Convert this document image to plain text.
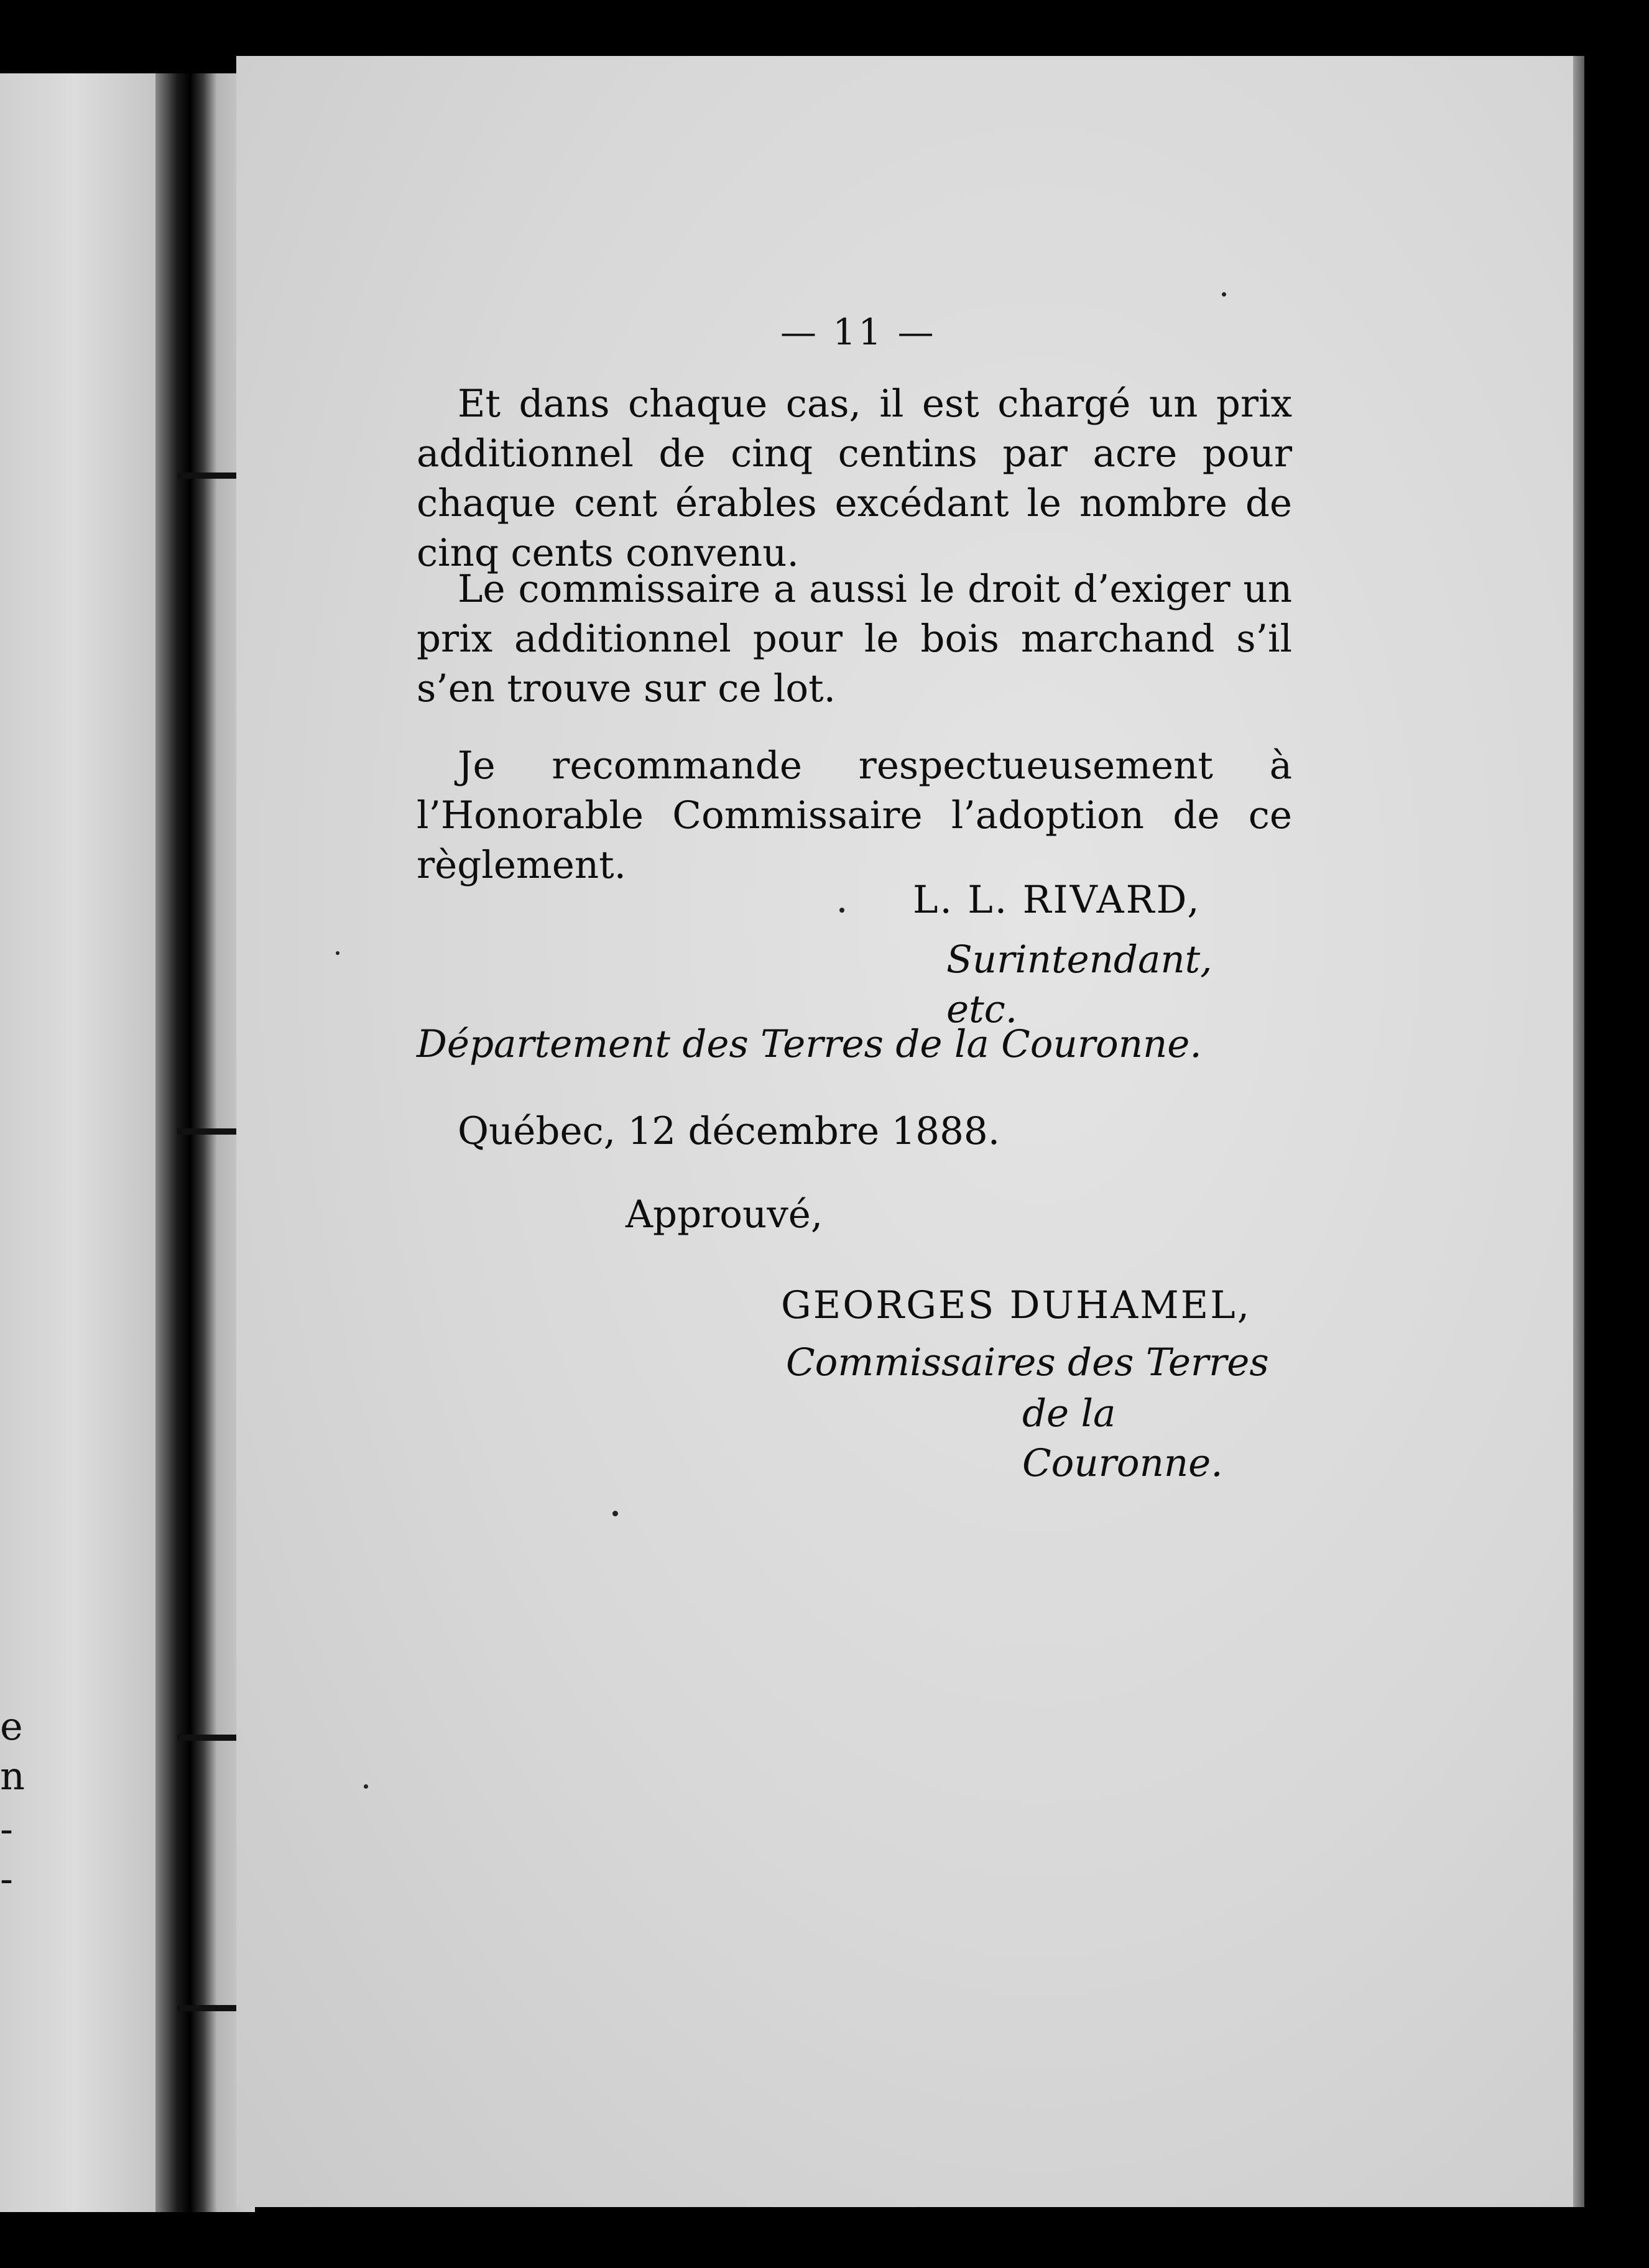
e
n
-
-
— 11 —

Et dans chaque cas, il est chargé un prix additionnel de cinq centins par acre pour chaque cent érables excédant le nombre de cinq cents convenu.

Le commissaire a aussi le droit d’exiger un prix additionnel pour le bois marchand s’il s’en trouve sur ce lot.

Je recommande respectueusement à l’Honorable Commissaire l’adoption de ce règlement.

L. L. RIVARD,
Surintendant, etc.
Département des Terres de la Couronne.
Québec, 12 décembre 1888.
Approuvé,
GEORGES DUHAMEL,
Commissaires des Terres
de la Couronne.
